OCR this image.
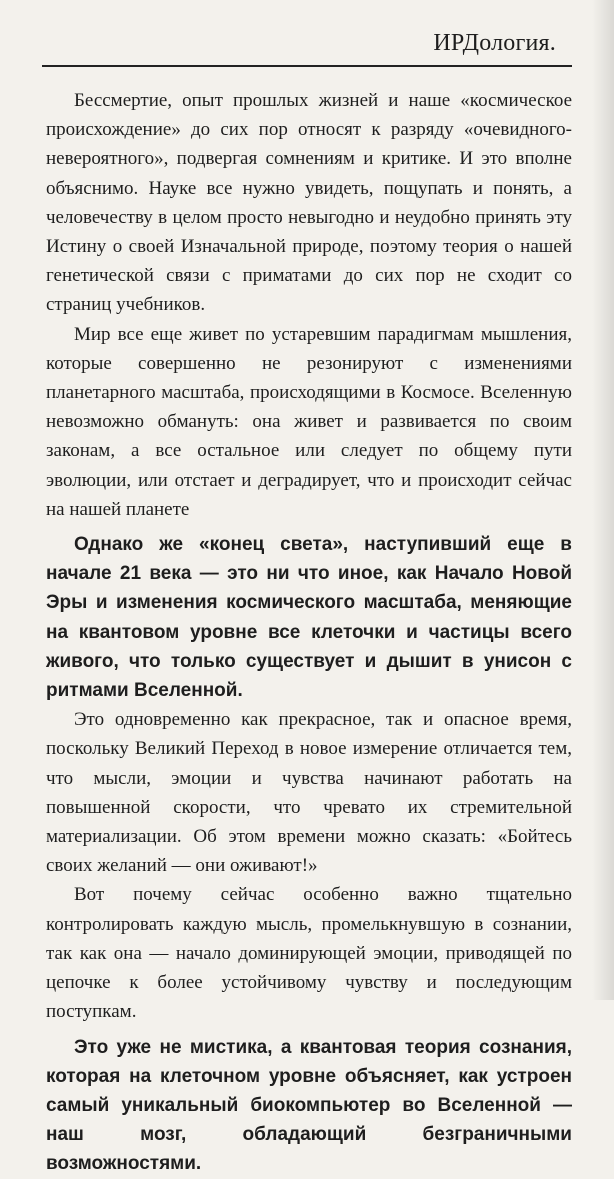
ИРДология.

Бессмертие, опыт прошлых жизней и наше «космическое происхождение» до сих пор относят к разряду «очевидного-невероятного», подвергая сомнениям и критике. И это вполне объяснимо. Науке все нужно увидеть, пощупать и понять, а человечеству в целом просто невыгодно и неудобно принять эту Истину о своей Изначальной природе, поэтому теория о нашей генетической связи с приматами до сих пор не сходит со страниц учебников.

Мир все еще живет по устаревшим парадигмам мышления, которые совершенно не резонируют с изменениями планетарного масштаба, происходящими в Космосе. Вселенную невозможно обмануть: она живет и развивается по своим законам, а все остальное или следует по общему пути эволюции, или отстает и деградирует, что и происходит сейчас на нашей планете

Однако же «конец света», наступивший еще в начале 21 века — это ни что иное, как Начало Новой Эры и изменения космического масштаба, меняющие на квантовом уровне все клеточки и частицы всего живого, что только существует и дышит в унисон с ритмами Вселенной.

Это одновременно как прекрасное, так и опасное время, поскольку Великий Переход в новое измерение отличается тем, что мысли, эмоции и чувства начинают работать на повышенной скорости, что чревато их стремительной материализации. Об этом времени можно сказать: «Бойтесь своих желаний — они оживают!»

Вот почему сейчас особенно важно тщательно контролировать каждую мысль, промелькнувшую в сознании, так как она — начало доминирующей эмоции, приводящей по цепочке к более устойчивому чувству и последующим поступкам.

Это уже не мистика, а квантовая теория сознания, которая на клеточном уровне объясняет, как устроен самый уникальный биокомпьютер во Вселенной — наш мозг, обладающий безграничными возможностями.
